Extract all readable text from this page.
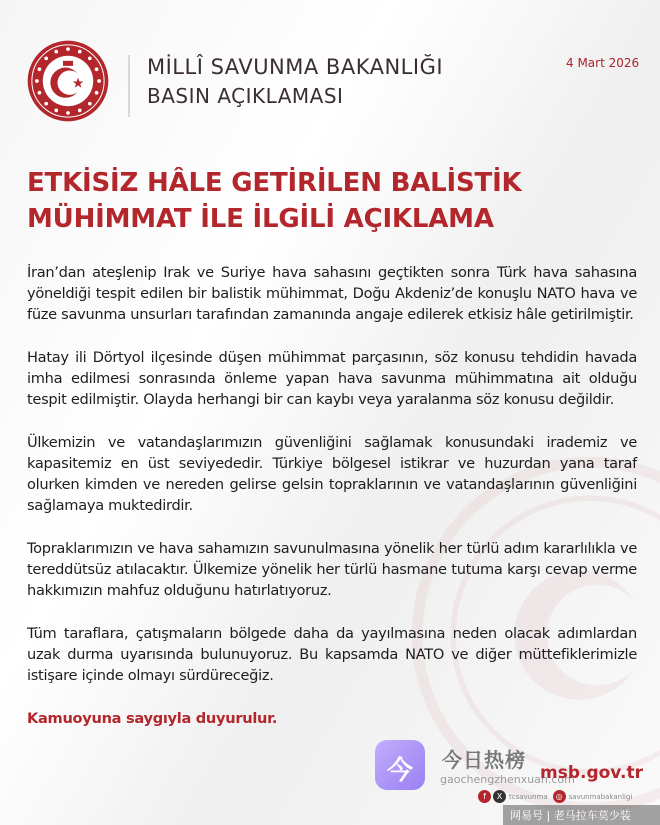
MİLLÎ SAVUNMA BAKANLIĞI
BASIN AÇIKLAMASI
4 Mart 2026
ETKİSİZ HÂLE GETİRİLEN BALİSTİK
MÜHİMMAT İLE İLGİLİ AÇIKLAMA

İran’dan ateşlenip Irak ve Suriye hava sahasını geçtikten sonra Türk hava sahasına yöneldiği tespit edilen bir balistik mühimmat, Doğu Akdeniz’de konuşlu NATO hava ve füze savunma unsurları tarafından zamanında angaje edilerek etkisiz hâle getirilmiştir.

Hatay ili Dörtyol ilçesinde düşen mühimmat parçasının, söz konusu tehdidin havada imha edilmesi sonrasında önleme yapan hava savunma mühimmatına ait olduğu tespit edilmiştir. Olayda herhangi bir can kaybı veya yaralanma söz konusu değildir.

Ülkemizin ve vatandaşlarımızın güvenliğini sağlamak konusundaki irademiz ve kapasitemiz en üst seviyededir. Türkiye bölgesel istikrar ve huzurdan yana taraf olurken kimden ve nereden gelirse gelsin topraklarının ve vatandaşlarının güvenliğini sağlamaya muktedirdir.

Topraklarımızın ve hava sahamızın savunulmasına yönelik her türlü adım kararlılıkla ve tereddütsüz atılacaktır. Ülkemize yönelik her türlü hasmane tutuma karşı cevap verme hakkımızın mahfuz olduğunu hatırlatıyoruz.

Tüm taraflara, çatışmaların bölgede daha da yayılmasına neden olacak adımlardan uzak durma uyarısında bulunuyoruz. Bu kapsamda NATO ve diğer müttefiklerimizle istişare içinde olmayı sürdüreceğiz.

Kamuoyuna saygıyla duyurulur.

今	今日热榜
gaochengzhenxuan.com
msb.gov.tr
f	X tcsavunma	◎ savunmabakanligi
网易号 | 老马拉车莫少装
